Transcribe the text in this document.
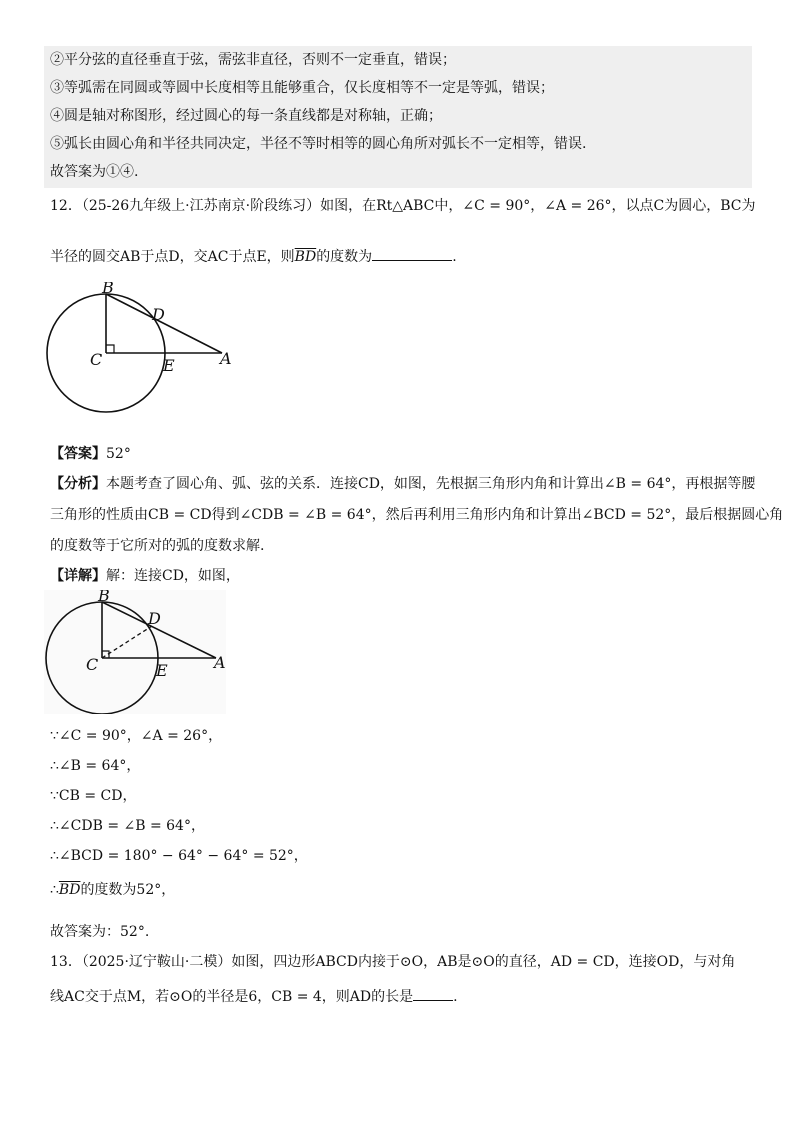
②平分弦的直径垂直于弦，需弦非直径，否则不一定垂直，错误；
③等弧需在同圆或等圆中长度相等且能够重合，仅长度相等不一定是等弧，错误；
④圆是轴对称图形，经过圆心的每一条直线都是对称轴，正确；
⑤弧长由圆心角和半径共同决定，半径不等时相等的圆心角所对弧长不一定相等，错误.
故答案为①④.
12．（25-26九年级上·江苏南京·阶段练习）如图，在Rt△ABC中，∠C = 90°，∠A = 26°，以点C为圆心，BC为
半径的圆交AB于点D，交AC于点E，则$\overline{BD}$的度数为	.
B
C
D
E	A
【答案】52°
【分析】本题考查了圆心角、弧、弦的关系．连接CD，如图，先根据三角形内角和计算出∠B = 64°，再根据等腰
三角形的性质由CB = CD得到∠CDB = ∠B = 64°，然后再利用三角形内角和计算出∠BCD = 52°，最后根据圆心角
的度数等于它所对的弧的度数求解.
【详解】解：连接CD，如图，
B
C
D
E	A
∵∠C = 90°，∠A = 26°，
∴∠B = 64°，
∵CB = CD，
∴∠CDB = ∠B = 64°，
∴∠BCD = 180° − 64° − 64° = 52°，
$\therefore\overline{BD}$的度数为52°，
故答案为：52°.
13．（2025·辽宁鞍山·二模）如图，四边形ABCD内接于⊙O，AB是⊙O的直径，AD = CD，连接OD，与对角
线AC交于点M，若⊙O的半径是6，CB = 4，则AD的长是	.
